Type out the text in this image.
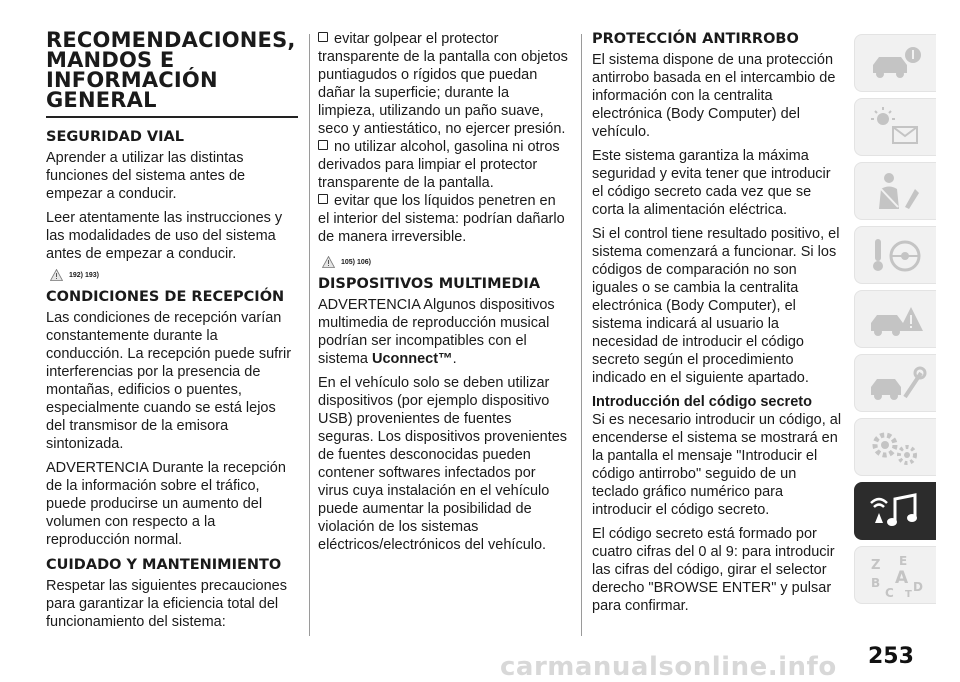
RECOMENDACIONES, MANDOS E INFORMACIÓN GENERAL
SEGURIDAD VIAL

Aprender a utilizar las distintas funciones del sistema antes de empezar a conducir.

Leer atentamente las instrucciones y las modalidades de uso del sistema antes de empezar a conducir.

192) 193)
CONDICIONES DE RECEPCIÓN

Las condiciones de recepción varían constantemente durante la conducción. La recepción puede sufrir interferencias por la presencia de montañas, edificios o puentes, especialmente cuando se está lejos del transmisor de la emisora sintonizada.

ADVERTENCIA Durante la recepción de la información sobre el tráfico, puede producirse un aumento del volumen con respecto a la reproducción normal.

CUIDADO Y MANTENIMIENTO

Respetar las siguientes precauciones para garantizar la eficiencia total del funcionamiento del sistema:

evitar golpear el protector transparente de la pantalla con objetos puntiagudos o rígidos que puedan dañar la superficie; durante la limpieza, utilizando un paño suave, seco y antiestático, no ejercer presión.
no utilizar alcohol, gasolina ni otros derivados para limpiar el protector transparente de la pantalla.
evitar que los líquidos penetren en el interior del sistema: podrían dañarlo de manera irreversible.
105) 106)
DISPOSITIVOS MULTIMEDIA

ADVERTENCIA Algunos dispositivos multimedia de reproducción musical podrían ser incompatibles con el sistema Uconnect™.

En el vehículo solo se deben utilizar dispositivos (por ejemplo dispositivo USB) provenientes de fuentes seguras. Los dispositivos provenientes de fuentes desconocidas pueden contener softwares infectados por virus cuya instalación en el vehículo puede aumentar la posibilidad de violación de los sistemas eléctricos/electrónicos del vehículo.

PROTECCIÓN ANTIRROBO

El sistema dispone de una protección antirrobo basada en el intercambio de información con la centralita electrónica (Body Computer) del vehículo.

Este sistema garantiza la máxima seguridad y evita tener que introducir el código secreto cada vez que se corta la alimentación eléctrica.

Si el control tiene resultado positivo, el sistema comenzará a funcionar. Si los códigos de comparación no son iguales o se cambia la centralita electrónica (Body Computer), el sistema indicará al usuario la necesidad de introducir el código secreto según el procedimiento indicado en el siguiente apartado.

Introducción del código secreto

Si es necesario introducir un código, al encenderse el sistema se mostrará en la pantalla el mensaje "Introducir el código antirrobo" seguido de un teclado gráfico numérico para introducir el código secreto.

El código secreto está formado por cuatro cifras del 0 al 9: para introducir las cifras del código, girar el selector derecho "BROWSE ENTER" y pulsar para confirmar.

Z E
B A
C T
D
carmanualsonline.info 253
